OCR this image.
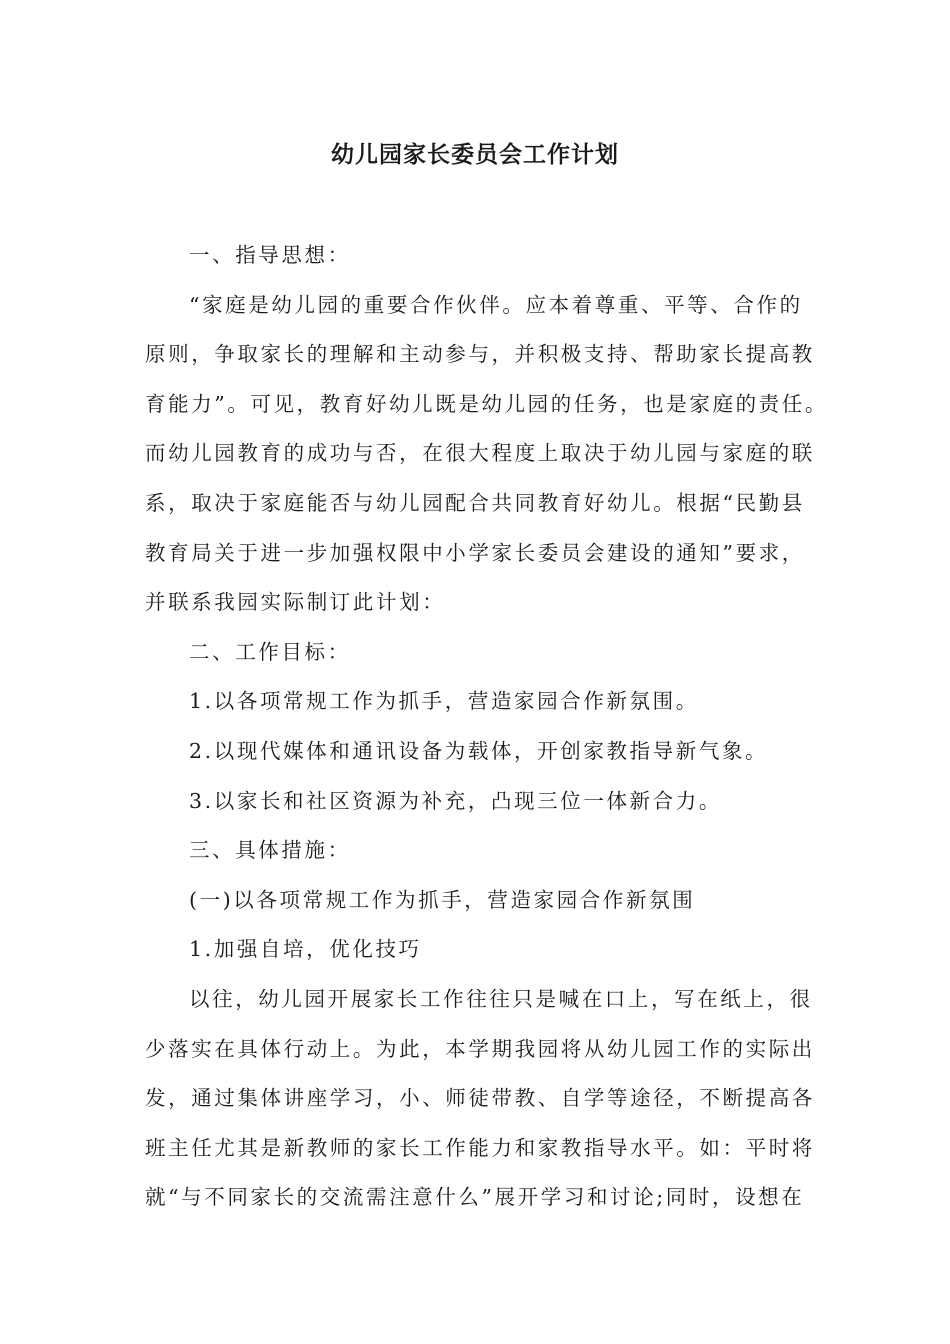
幼儿园家长委员会工作计划
一、指导思想：
“家庭是幼儿园的重要合作伙伴。应本着尊重、平等、合作的
原则，争取家长的理解和主动参与，并积极支持、帮助家长提高教
育能力”。可见，教育好幼儿既是幼儿园的任务，也是家庭的责任。
而幼儿园教育的成功与否，在很大程度上取决于幼儿园与家庭的联
系，取决于家庭能否与幼儿园配合共同教育好幼儿。根据“民勤县
教育局关于进一步加强权限中小学家长委员会建设的通知”要求，
并联系我园实际制订此计划：
二、工作目标：
1.以各项常规工作为抓手，营造家园合作新氛围。
2.以现代媒体和通讯设备为载体，开创家教指导新气象。
3.以家长和社区资源为补充，凸现三位一体新合力。
三、具体措施：
(一)以各项常规工作为抓手，营造家园合作新氛围
1.加强自培，优化技巧
以往，幼儿园开展家长工作往往只是喊在口上，写在纸上，很
少落实在具体行动上。为此，本学期我园将从幼儿园工作的实际出
发，通过集体讲座学习，小、师徒带教、自学等途径，不断提高各
班主任尤其是新教师的家长工作能力和家教指导水平。如：平时将
就“与不同家长的交流需注意什么”展开学习和讨论;同时，设想在
